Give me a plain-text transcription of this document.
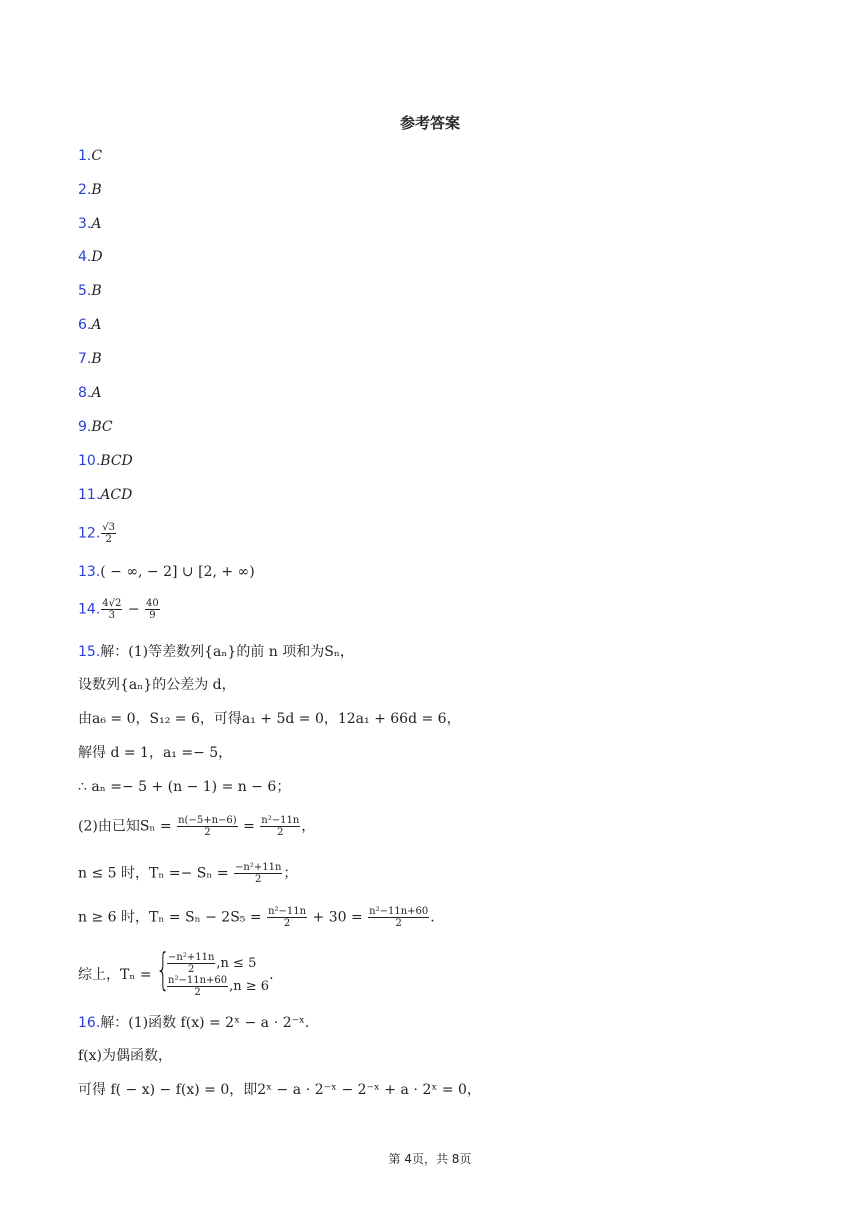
参考答案
1.C
2.B
3.A
4.D
5.B
6.A
7.B
8.A
9.BC
10.BCD
11.ACD
12. $\frac{√3}{2}$
13.( − ∞, − 2] ∪ [2, + ∞)
14. $\frac{4√2}{3} - \frac{40}{9}$
15.解：(1)等差数列{aₙ}的前 n 项和为Sₙ，
设数列{aₙ}的公差为 d，
由a₆ = 0，S₁₂ = 6，可得a₁ + 5d = 0，12a₁ + 66d = 6，
解得 d = 1，a₁ =− 5，
∴ aₙ =− 5 + (n − 1) = n − 6；
(2)由已知$S_n = \frac{n(-5+n-6)}{2} = \frac{\text{n²−11n}}{2}$ ，
n ≤ 5 时，$T_n =- S_n = \frac{\text{−n²+11n}}{2}$ ；
n ≥ 6 时，$T_n = S_n - 2S_5 = \frac{\text{n²−11n}}{2} + 30 = \frac{\text{n²−11n+60}}{2}$ .
综上，Tₙ = {
$\frac{\text{−n²+11n}}{2} ,n \le 5$
$\frac{\text{n²−11n+60}}{2} ,n \ge 6$
.
16.解：(1)函数 f(x) = 2ˣ − a ⋅ 2⁻ˣ.
f(x)为偶函数，
可得 f( − x) − f(x) = 0，即2ˣ − a ⋅ 2⁻ˣ − 2⁻ˣ + a ⋅ 2ˣ = 0，
第 4页，共 8页
